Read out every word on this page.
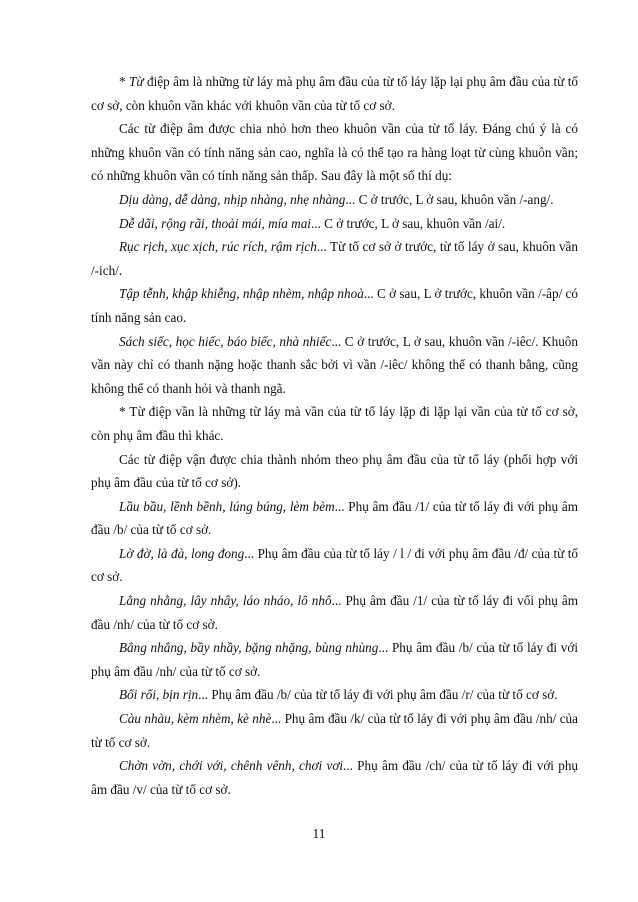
* Từ điệp âm là những từ láy mà phụ âm đầu của từ tố láy lặp lại phụ âm đầu của từ tố cơ sở, còn khuôn vần khác với khuôn vần của từ tố cơ sở.

Các từ điệp âm được chia nhỏ hơn theo khuôn vần của từ tố láy. Đáng chú ý là có những khuôn vần có tính năng sản cao, nghĩa là có thể tạo ra hàng loạt từ cùng khuôn vần; có những khuôn vần có tính năng sản thấp. Sau đây là một số thí dụ:

Dịu dàng, dễ dàng, nhịp nhàng, nhẹ nhàng... C ở trước, L ở sau, khuôn vần /-ang/.

Dễ dãi, rộng rãi, thoải mái, mía mai... C ở trước, L ở sau, khuôn vần /ai/.

Rục rịch, xục xịch, rúc rích, rậm rịch... Từ tố cơ sở ở trước, từ tố láy ở sau, khuôn vần /-ich/.

Tập tễnh, khập khiễng, nhập nhèm, nhập nhoà... C ở sau, L ở trước, khuôn vần /-âp/ có tính năng sản cao.

Sách siếc, học hiếc, báo biếc, nhà nhiếc... C ở trước, L ở sau, khuôn vần /-iêc/. Khuôn vần này chỉ có thanh nặng hoặc thanh sắc bởi vì vần /-iêc/ không thể có thanh bằng, cũng không thể có thanh hỏi và thanh ngã.

* Từ điệp vần là những từ láy mà vần của từ tố láy lặp đi lặp lại vần của từ tố cơ sở, còn phụ âm đầu thì khác.

Các từ điệp vận được chia thành nhóm theo phụ âm đầu của từ tố láy (phối hợp với phụ âm đầu của từ tố cơ sở).

Lầu bầu, lềnh bềnh, lúng búng, lèm bèm... Phụ âm đầu /1/ của từ tố láy đi với phụ âm đầu /b/ của từ tố cơ sở.

Lờ đờ, là đà, long đong... Phụ âm đầu của từ tố láy / l / đi với phụ âm đầu /đ/ của từ tố cơ sở.

Lằng nhằng, lây nhây, láo nháo, lô nhô... Phụ âm đầu /1/ của từ tố láy đi vối phụ âm đầu /nh/ của từ tố cơ sở.

Bẳng nhẳng, bầy nhầy, bặng nhặng, bùng nhùng... Phụ âm đầu /b/ của từ tố láy đi với phụ âm đầu /nh/ của từ tố cơ sở.

Bối rối, bịn rịn... Phụ âm đầu /b/ của từ tố láy đi với phụ âm đầu /r/ của từ tố cơ sở.

Càu nhàu, kèm nhèm, kè nhè... Phụ âm đầu /k/ của từ tố láy đi với phụ âm đầu /nh/ của từ tố cơ sở.

Chờn vờn, chới với, chênh vênh, chơi vơi... Phụ âm đầu /ch/ của từ tố láy đi với phụ âm đầu /v/ của từ tố cơ sở.

11
